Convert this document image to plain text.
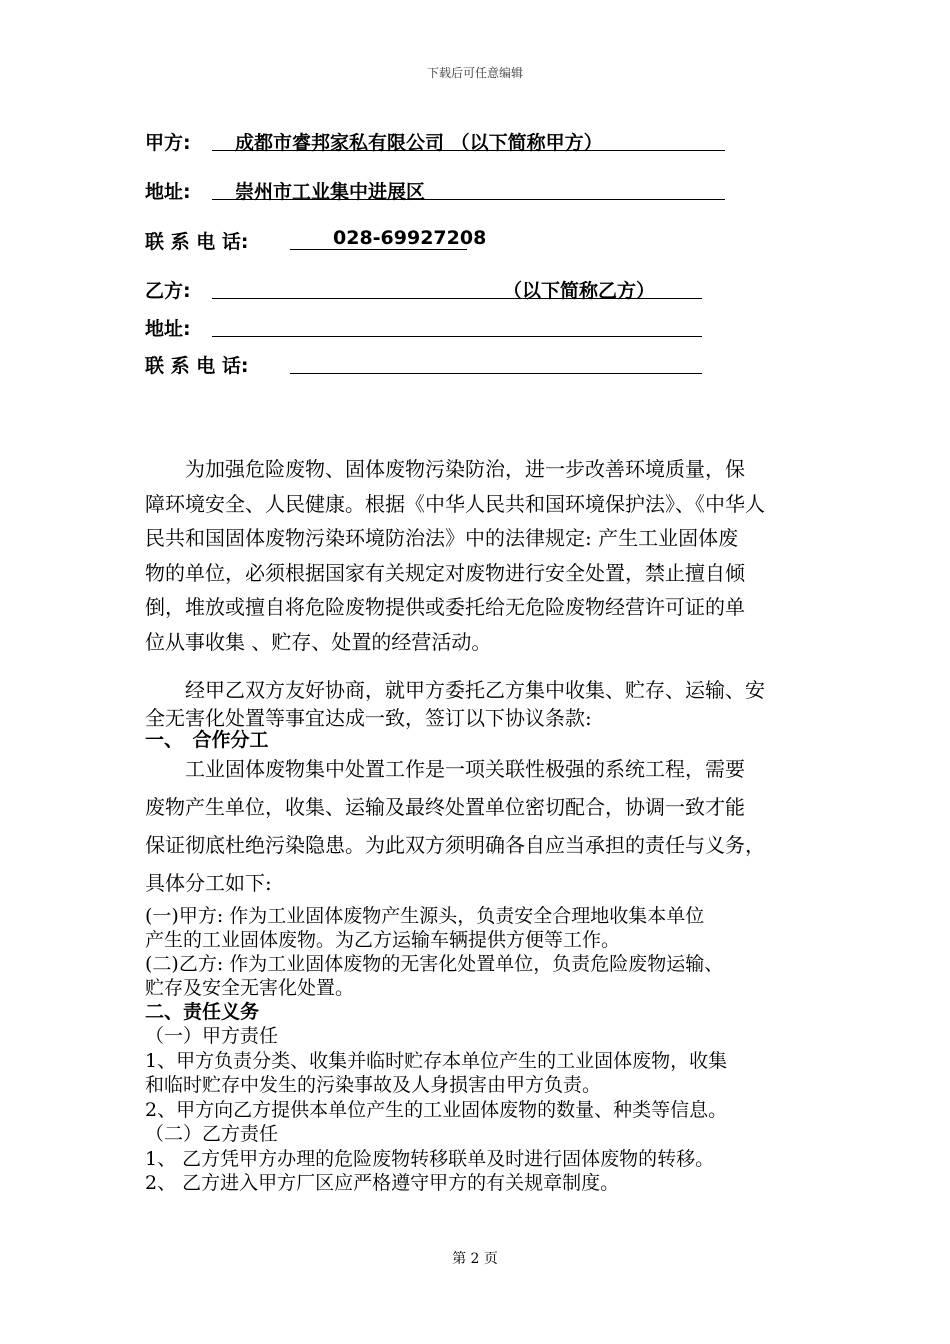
下载后可任意编辑
甲方: 成都市睿邦家私有限公司 （以下简称甲方）
地址: 崇州市工业集中进展区
联 系 电 话:	028-69927208
乙方:	（以下简称乙方）
地址:
联 系 电 话:

　　为加强危险废物、固体废物污染防治，进一步改善环境质量，保

障环境安全、人民健康。根据《中华人民共和国环境保护法》、《中华人

民共和国固体废物污染环境防治法》中的法律规定: 产生工业固体废

物的单位，必须根据国家有关规定对废物进行安全处置，禁止擅自倾

倒，堆放或擅自将危险废物提供或委托给无危险废物经营许可证的单

位从事收集 、贮存、处置的经营活动。

　　经甲乙双方友好协商，就甲方委托乙方集中收集、贮存、运输、安

全无害化处置等事宜达成一致，签订以下协议条款:

一、　合作分工

　　工业固体废物集中处置工作是一项关联性极强的系统工程，需要

废物产生单位，收集、运输及最终处置单位密切配合，协调一致才能

保证彻底杜绝污染隐患。为此双方须明确各自应当承担的责任与义务，

具体分工如下:

(一)甲方: 作为工业固体废物产生源头，负责安全合理地收集本单位

产生的工业固体废物。为乙方运输车辆提供方便等工作。

(二)乙方: 作为工业固体废物的无害化处置单位，负责危险废物运输、

贮存及安全无害化处置。

二、责任义务

（一）甲方责任

1、甲方负责分类、收集并临时贮存本单位产生的工业固体废物，收集

和临时贮存中发生的污染事故及人身损害由甲方负责。

2、甲方向乙方提供本单位产生的工业固体废物的数量、种类等信息。

（二）乙方责任

1、 乙方凭甲方办理的危险废物转移联单及时进行固体废物的转移。

2、 乙方进入甲方厂区应严格遵守甲方的有关规章制度。

第 2 页
